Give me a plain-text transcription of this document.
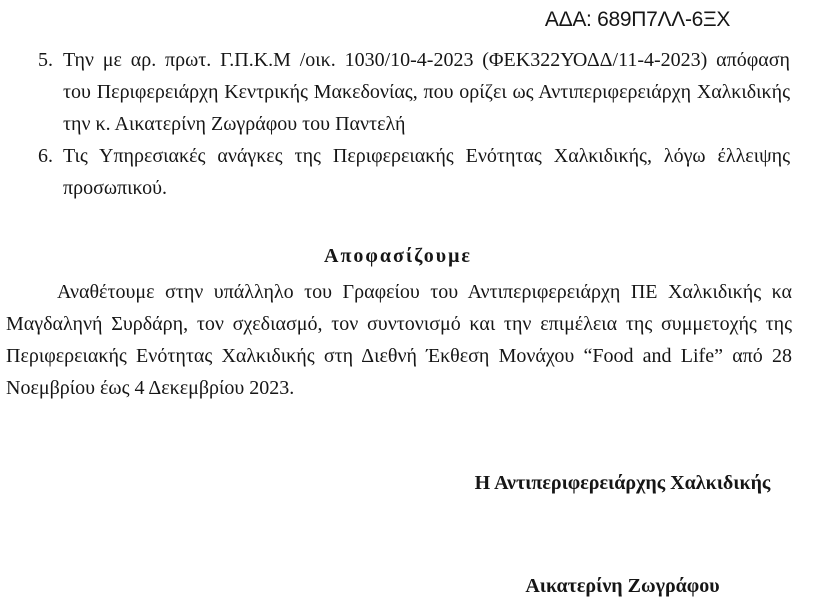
ΑΔΑ: 689Π7ΛΛ-6ΞΧ
5. Την με αρ. πρωτ. Γ.Π.Κ.Μ /οικ. 1030/10-4-2023 (ΦΕΚ322ΥΟΔΔ/11-4-2023) απόφαση του Περιφερειάρχη Κεντρικής Μακεδονίας, που ορίζει ως Αντιπεριφερειάρχη Χαλκιδικής την κ. Αικατερίνη Ζωγράφου του Παντελή
6. Τις Υπηρεσιακές ανάγκες της Περιφερειακής Ενότητας Χαλκιδικής, λόγω έλλειψης προσωπικού.
Αποφασίζουμε
Αναθέτουμε στην υπάλληλο του Γραφείου του Αντιπεριφερειάρχη ΠΕ Χαλκιδικής κα Μαγδαληνή Συρδάρη, τον σχεδιασμό, τον συντονισμό και την επιμέλεια της συμμετοχής της Περιφερειακής Ενότητας Χαλκιδικής στη Διεθνή Έκθεση Μονάχου “Food and Life” από 28 Νοεμβρίου έως 4 Δεκεμβρίου 2023.
Η Αντιπεριφερειάρχης Χαλκιδικής
Αικατερίνη Ζωγράφου
